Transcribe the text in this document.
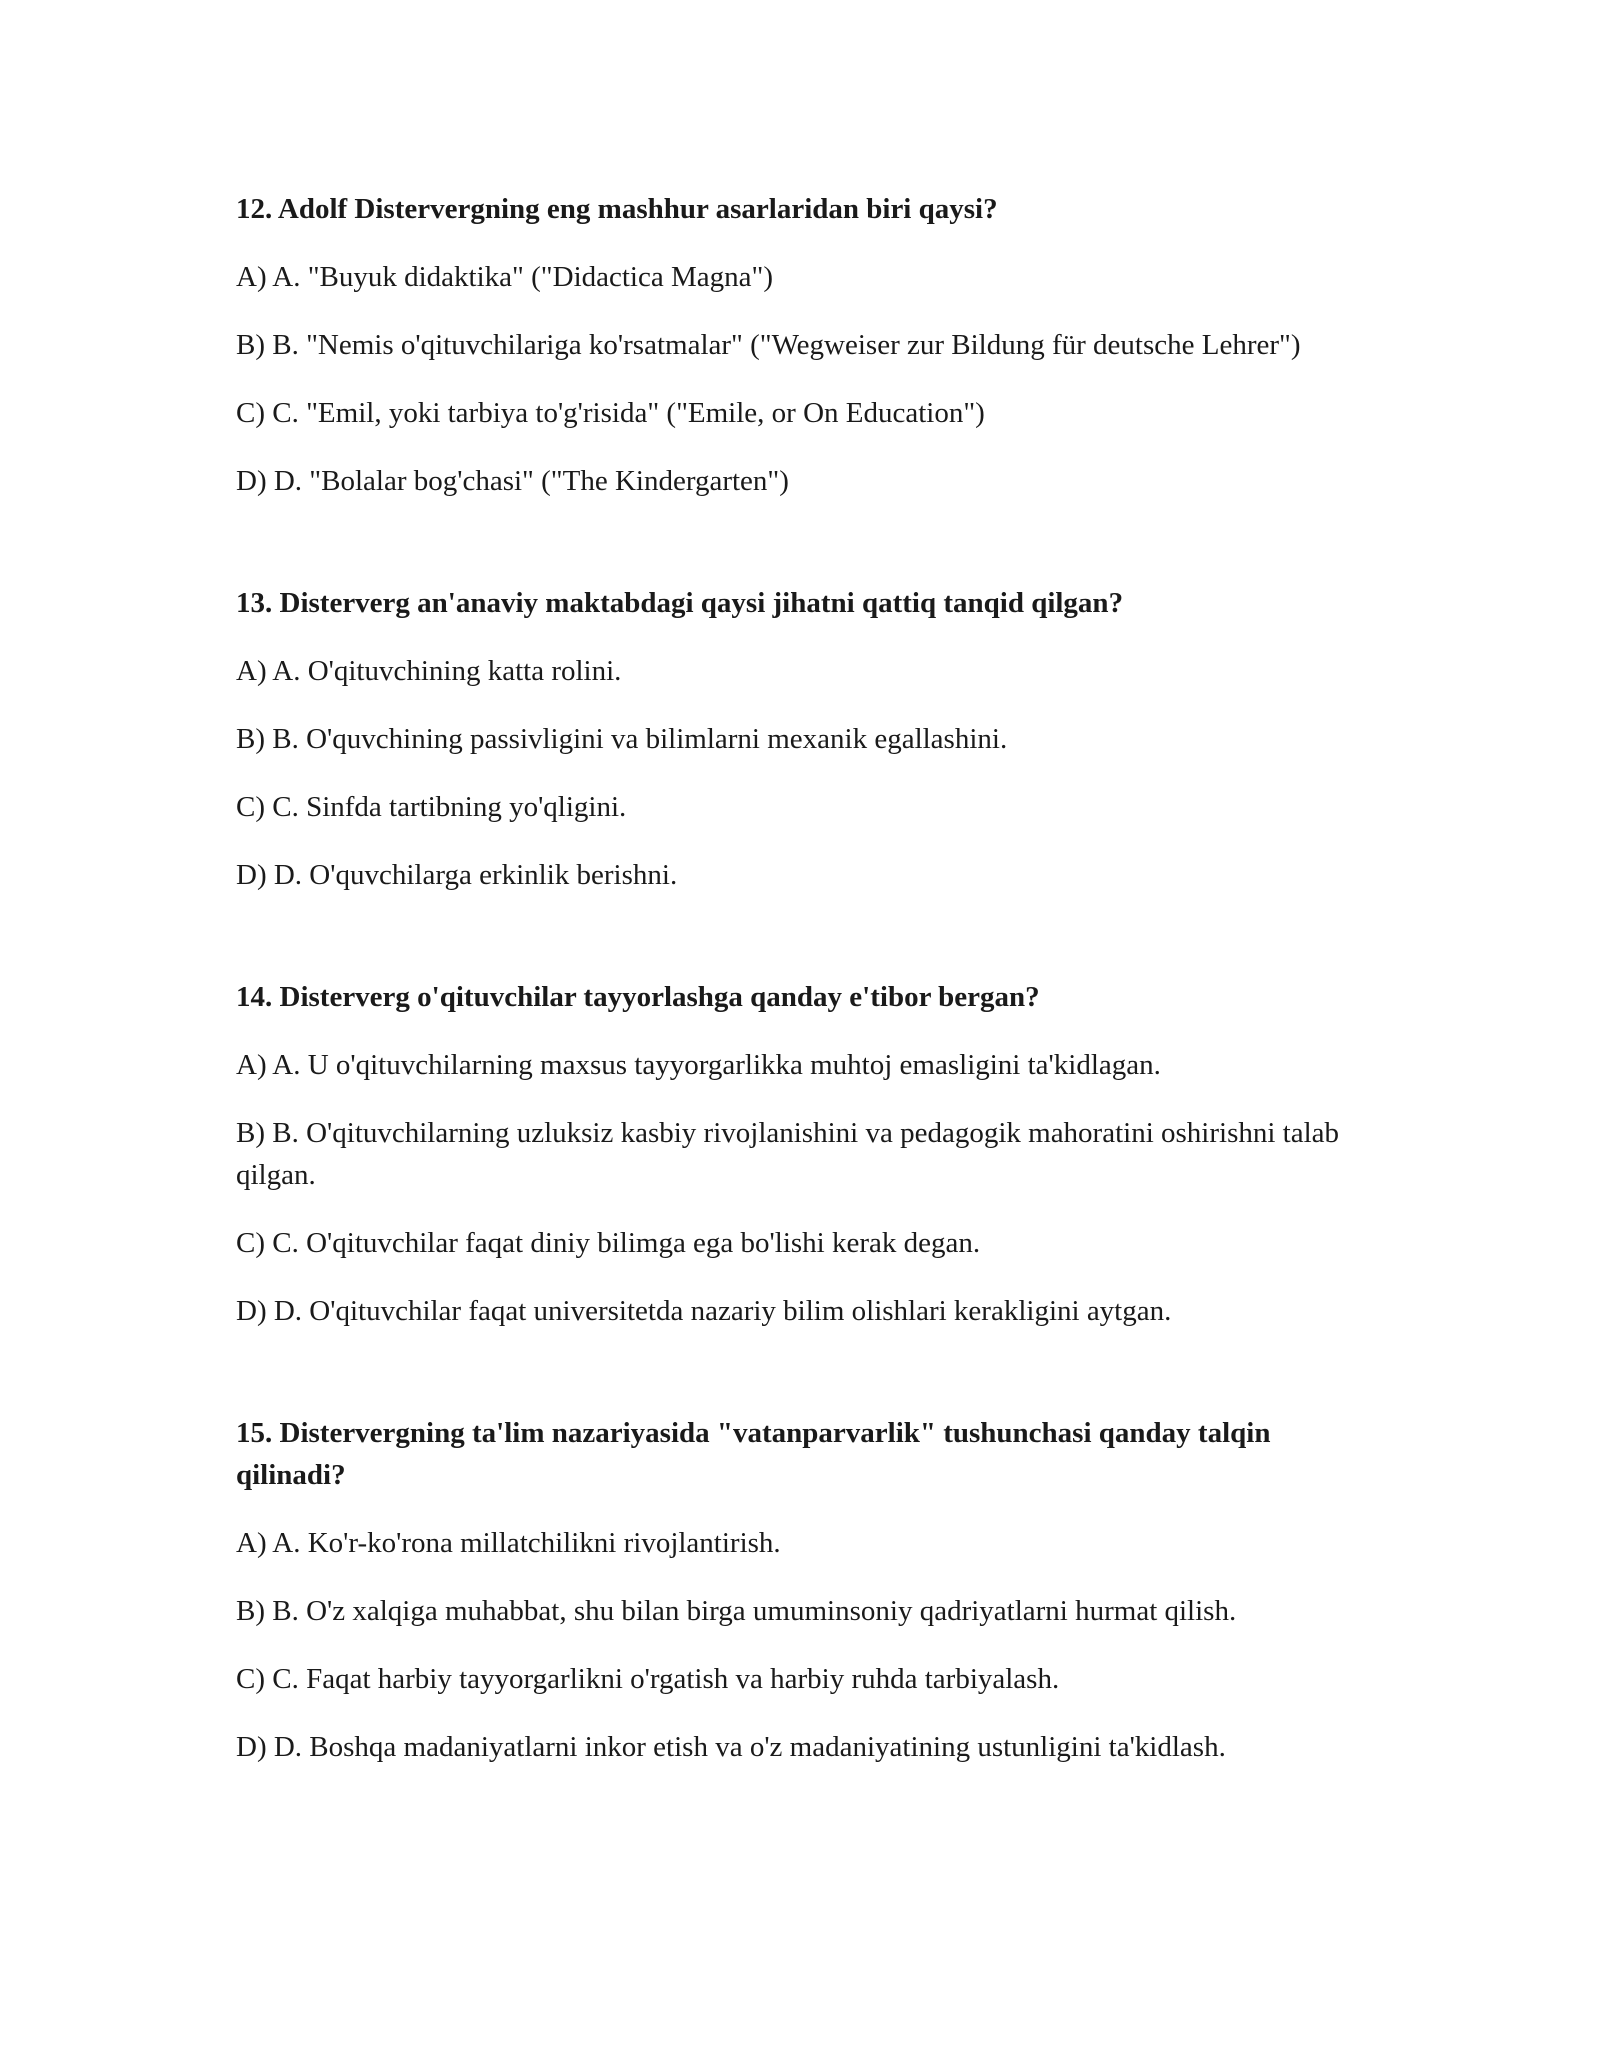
12. Adolf Distervergning eng mashhur asarlaridan biri qaysi?

A) A. "Buyuk didaktika" ("Didactica Magna")

B) B. "Nemis o'qituvchilariga ko'rsatmalar" ("Wegweiser zur Bildung für deutsche Lehrer")

C) C. "Emil, yoki tarbiya to'g'risida" ("Emile, or On Education")

D) D. "Bolalar bog'chasi" ("The Kindergarten")

13. Disterverg an'anaviy maktabdagi qaysi jihatni qattiq tanqid qilgan?

A) A. O'qituvchining katta rolini.

B) B. O'quvchining passivligini va bilimlarni mexanik egallashini.

C) C. Sinfda tartibning yo'qligini.

D) D. O'quvchilarga erkinlik berishni.

14. Disterverg o'qituvchilar tayyorlashga qanday e'tibor bergan?

A) A. U o'qituvchilarning maxsus tayyorgarlikka muhtoj emasligini ta'kidlagan.

B) B. O'qituvchilarning uzluksiz kasbiy rivojlanishini va pedagogik mahoratini oshirishni talab qilgan.

C) C. O'qituvchilar faqat diniy bilimga ega bo'lishi kerak degan.

D) D. O'qituvchilar faqat universitetda nazariy bilim olishlari kerakligini aytgan.

15. Distervergning ta'lim nazariyasida "vatanparvarlik" tushunchasi qanday talqin qilinadi?

A) A. Ko'r-ko'rona millatchilikni rivojlantirish.

B) B. O'z xalqiga muhabbat, shu bilan birga umuminsoniy qadriyatlarni hurmat qilish.

C) C. Faqat harbiy tayyorgarlikni o'rgatish va harbiy ruhda tarbiyalash.

D) D. Boshqa madaniyatlarni inkor etish va o'z madaniyatining ustunligini ta'kidlash.
